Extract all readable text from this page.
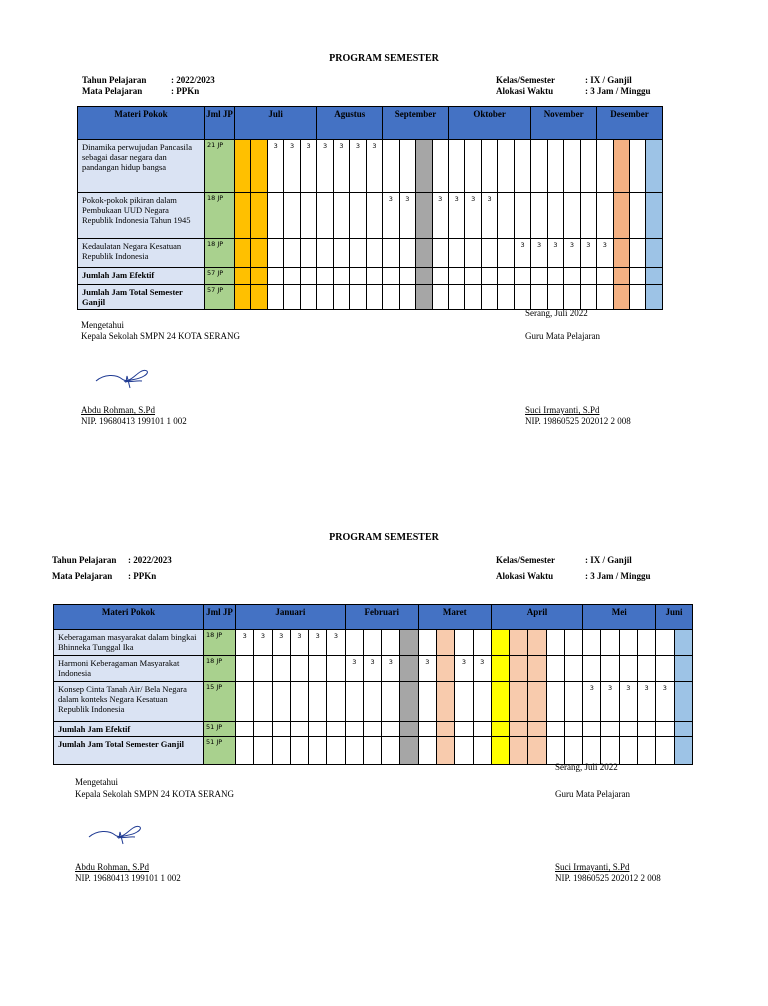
PROGRAM SEMESTER
Tahun Pelajaran	: 2022/2023
Mata Pelajaran	: PPKn
Kelas/Semester	: IX / Ganjil
Alokasi Waktu	: 3 Jam / Minggu
Materi Pokok	Jml JP	Juli					Agustus				September				Oktober					November				Desember			
Dinamika perwujudan Pancasila sebagai dasar negara dan pandangan hidup bangsa	21 JP			3	3	3	3	3	3	3																	
Pokok-pokok pikiran dalam Pembukaan UUD Negara Republik Indonesia Tahun 1945	18 JP										3	3		3	3	3	3										
Kedaulatan Negara Kesatuan Republik Indonesia	18 JP																		3	3	3	3	3	3			
Jumlah Jam Efektif	57 JP																										
Jumlah Jam Total Semester Ganjil	57 JP																										
Serang, Juli 2022
Mengetahui
Kepala Sekolah SMPN 24 KOTA SERANG	Guru Mata Pelajaran
Abdu Rohman, S.Pd
NIP. 19680413 199101 1 002
Suci Irmayanti, S.Pd
NIP. 19860525 202012 2 008
PROGRAM SEMESTER
Tahun Pelajaran : 2022/2023
Mata Pelajaran : PPKn
Kelas/Semester	: IX / Ganjil
Alokasi Waktu	: 3 Jam / Minggu
Materi Pokok	Jml JP	Januari						Februari				Maret				April					Mei				Juni	
Keberagaman masyarakat dalam bingkai Bhinneka Tunggal Ika	18 JP	3	3	3	3	3	3																			
Harmoni Keberagaman Masyarakat Indonesia	18 JP							3	3	3		3		3	3											
Konsep Cinta Tanah Air/ Bela Negara dalam konteks Negara Kesatuan Republik Indonesia	15 JP																				3	3	3	3	3	
Jumlah Jam Efektif	51 JP																									
Jumlah Jam Total Semester Ganjil	51 JP																									
Serang, Juli 2022
Mengetahui
Kepala Sekolah SMPN 24 KOTA SERANG	Guru Mata Pelajaran
Abdu Rohman, S.Pd
NIP. 19680413 199101 1 002
Suci Irmayanti, S.Pd
NIP. 19860525 202012 2 008
